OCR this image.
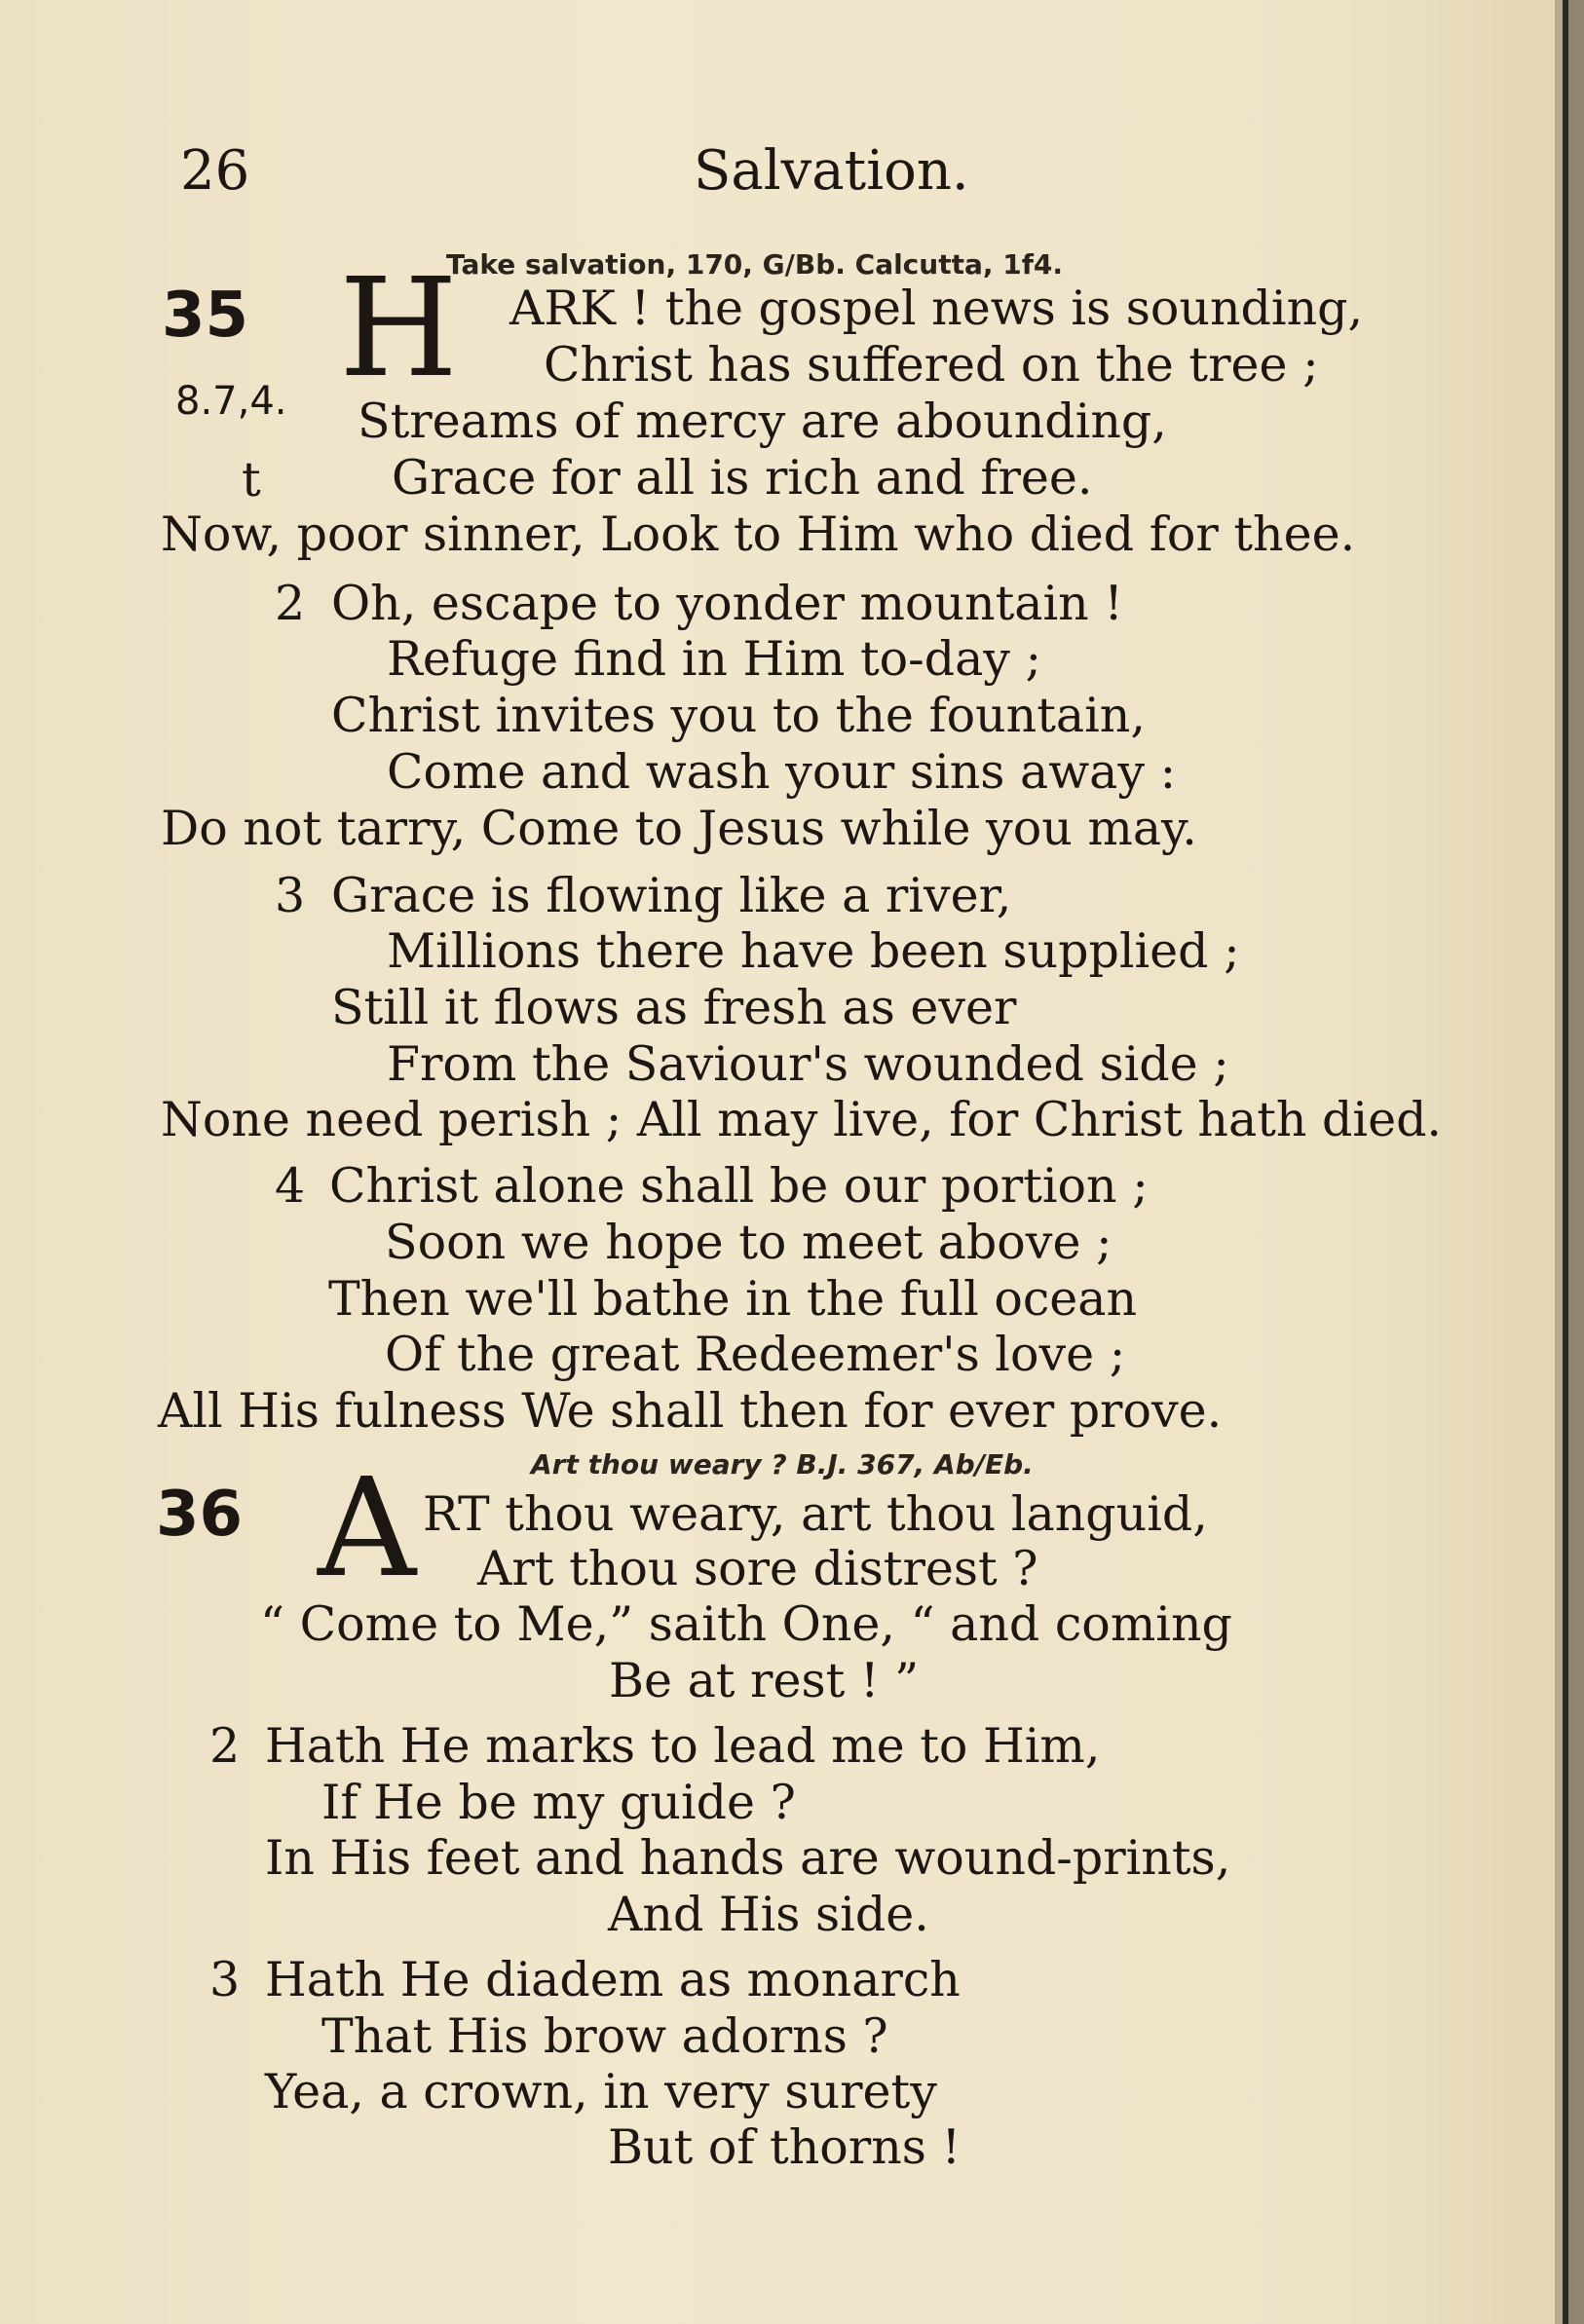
26	Salvation.
Take salvation, 170, G/Bb. Calcutta, 1f4.
35 H
8.7,4.
t
ARK ! the gospel news is sounding,
Christ has suffered on the tree ;
Streams of mercy are abounding,
Grace for all is rich and free.
Now, poor sinner, Look to Him who died for thee.
2 Oh, escape to yonder mountain !
Refuge find in Him to-day ;
Christ invites you to the fountain,
Come and wash your sins away :
Do not tarry, Come to Jesus while you may.
3 Grace is flowing like a river,
Millions there have been supplied ;
Still it flows as fresh as ever
From the Saviour's wounded side ;
None need perish ; All may live, for Christ hath died.
4 Christ alone shall be our portion ;
Soon we hope to meet above ;
Then we'll bathe in the full ocean
Of the great Redeemer's love ;
All His fulness We shall then for ever prove.
Art thou weary ? B.J. 367, Ab/Eb.
36 A RT thou weary, art thou languid,
Art thou sore distrest ?
“ Come to Me,” saith One, “ and coming
Be at rest ! ”
2 Hath He marks to lead me to Him,
If He be my guide ?
In His feet and hands are wound-prints,
And His side.
3 Hath He diadem as monarch
That His brow adorns ?
Yea, a crown, in very surety
But of thorns !
